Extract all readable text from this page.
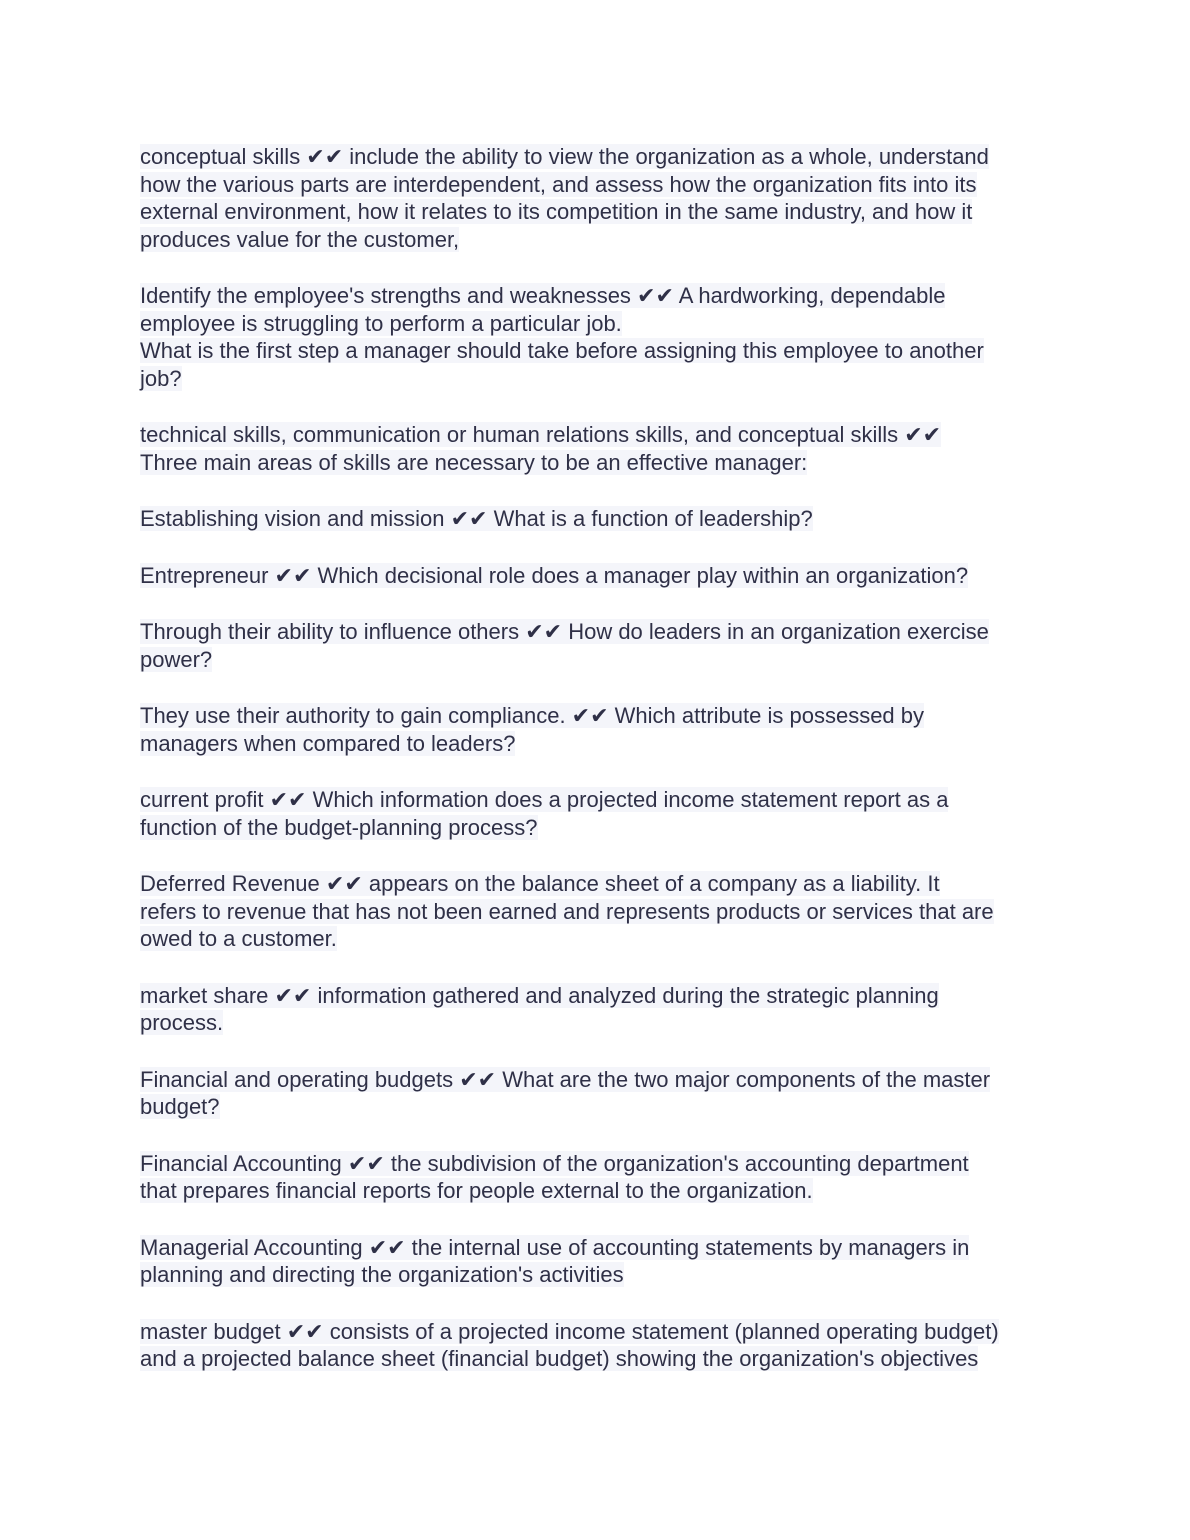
conceptual skills ✔✔ include the ability to view the organization as a whole, understand
how the various parts are interdependent, and assess how the organization fits into its
external environment, how it relates to its competition in the same industry, and how it
produces value for the customer,
Identify the employee's strengths and weaknesses ✔✔ A hardworking, dependable
employee is struggling to perform a particular job.
What is the first step a manager should take before assigning this employee to another
job?
technical skills, communication or human relations skills, and conceptual skills ✔✔
Three main areas of skills are necessary to be an effective manager:
Establishing vision and mission ✔✔ What is a function of leadership?
Entrepreneur ✔✔ Which decisional role does a manager play within an organization?
Through their ability to influence others ✔✔ How do leaders in an organization exercise
power?
They use their authority to gain compliance. ✔✔ Which attribute is possessed by
managers when compared to leaders?
current profit ✔✔ Which information does a projected income statement report as a
function of the budget-planning process?
Deferred Revenue ✔✔ appears on the balance sheet of a company as a liability. It
refers to revenue that has not been earned and represents products or services that are
owed to a customer.
market share ✔✔ information gathered and analyzed during the strategic planning
process.
Financial and operating budgets ✔✔ What are the two major components of the master
budget?
Financial Accounting ✔✔ the subdivision of the organization's accounting department
that prepares financial reports for people external to the organization.
Managerial Accounting ✔✔ the internal use of accounting statements by managers in
planning and directing the organization's activities
master budget ✔✔ consists of a projected income statement (planned operating budget)
and a projected balance sheet (financial budget) showing the organization's objectives
